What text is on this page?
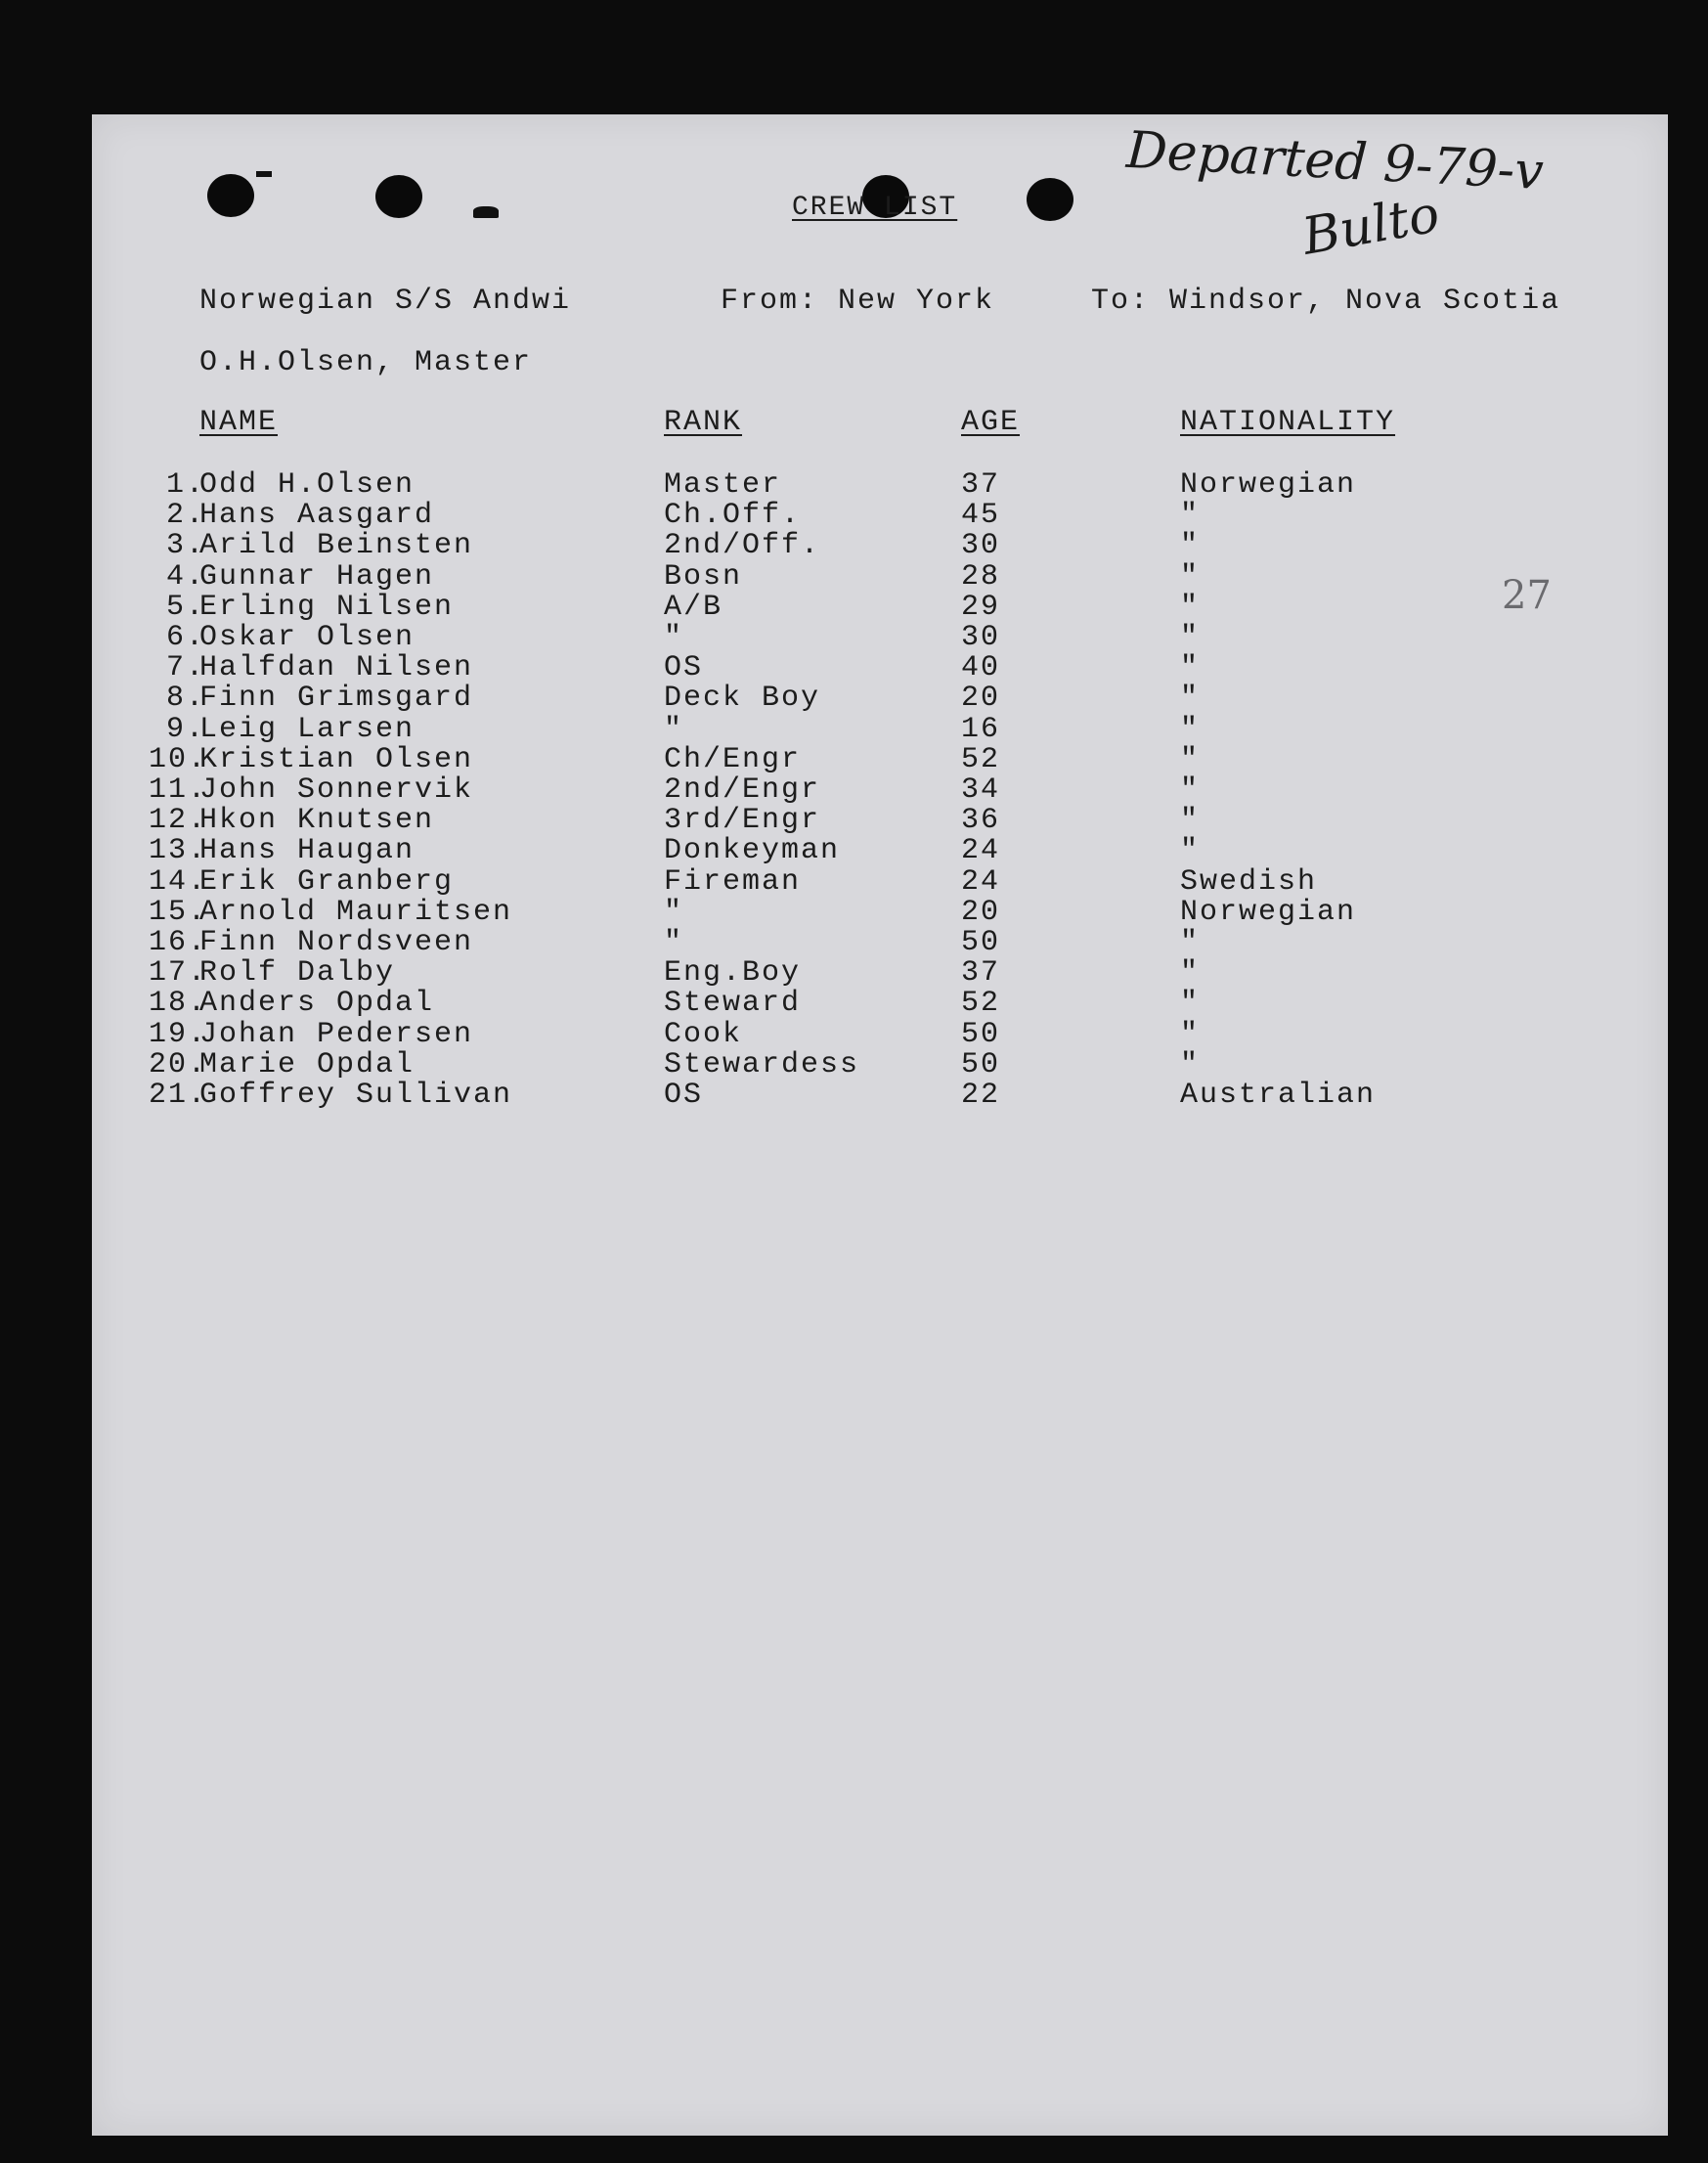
CREW LIST
Norwegian S/S Andwi	From: New York	To: Windsor, Nova Scotia
O.H.Olsen, Master
NAME	RANK	AGE	NATIONALITY
1.
Odd H.Olsen	Master	37	Norwegian
2.
Hans Aasgard	Ch.Off.	45	"
3.
Arild Beinsten	2nd/Off.	30	"
4.
Gunnar Hagen	Bosn	28	"
5.
Erling Nilsen	A/B	29	"
6.
Oskar Olsen	"	30	"
7.
Halfdan Nilsen	OS	40	"
8.
Finn Grimsgard	Deck Boy	20	"
9.
Leig Larsen	"	16	"
10.
Kristian Olsen	Ch/Engr	52	"
11.
John Sonnervik	2nd/Engr	34	"
12.
Hkon Knutsen	3rd/Engr	36	"
13.
Hans Haugan	Donkeyman	24	"
14.
Erik Granberg	Fireman	24	Swedish
15.
Arnold Mauritsen	"	20	Norwegian
16.
Finn Nordsveen	"	50	"
17.
Rolf Dalby	Eng.Boy	37	"
18.
Anders Opdal	Steward	52	"
19.
Johan Pedersen	Cook	50	"
20.
Marie Opdal	Stewardess	50	"
21.
Goffrey Sullivan	OS	22	Australian
Departed 9-79-v
Bulto
27
